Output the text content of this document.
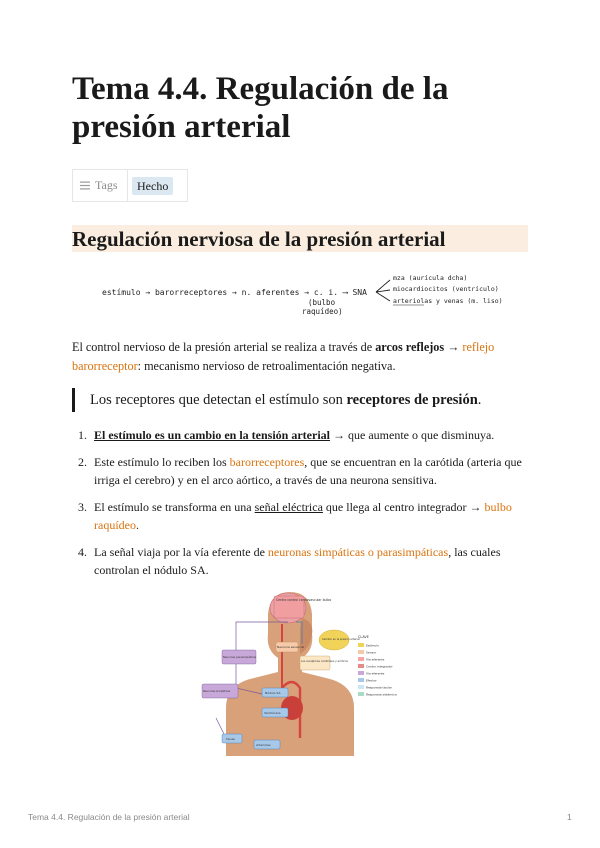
Tema 4.4. Regulación de la presión arterial
Tags	Hecho
Regulación nerviosa de la presión arterial
estímulo → barorreceptores → n. aferentes → c. i. ⟶ SNA
(bulbo
raquídeo)
mza (aurícula dcha)
miocardiocitos (ventrículo)
arteriolas y venas (m. liso)

El control nervioso de la presión arterial se realiza a través de arcos reflejos → reflejo barorreceptor: mecanismo nervioso de retroalimentación negativa.

Los receptores que detectan el estímulo son receptores de presión.
1. El estímulo es un cambio en la tensión arterial → que aumente o que disminuya.
2. Este estímulo lo reciben los barorreceptores, que se encuentran en la carótida (arteria que irriga el cerebro) y en el arco aórtico, a través de una neurona sensitiva.
3. El estímulo se transforma en una señal eléctrica que llega al centro integrador → bulbo raquídeo.
4. La señal viaja por la vía eferente de neuronas simpáticas o parasimpáticas, las cuales controlan el nódulo SA.
Centro control cardiovascular bulbo
Neurona sensorial
Los receptores carotídeos y aórticos
Neuronas parasimpáticas
Neuronas simpáticas	Nódulo SA
Ventrículos
Venas
Arteriolas
Cambio en la presión arterial
CLAVE
Estímulo
Sensor
Vía aferente
Centro integrador
Vía eferente
Efector
Respuesta tisular
Respuesta sistémica
Tema 4.4. Regulación de la presión arterial	1
